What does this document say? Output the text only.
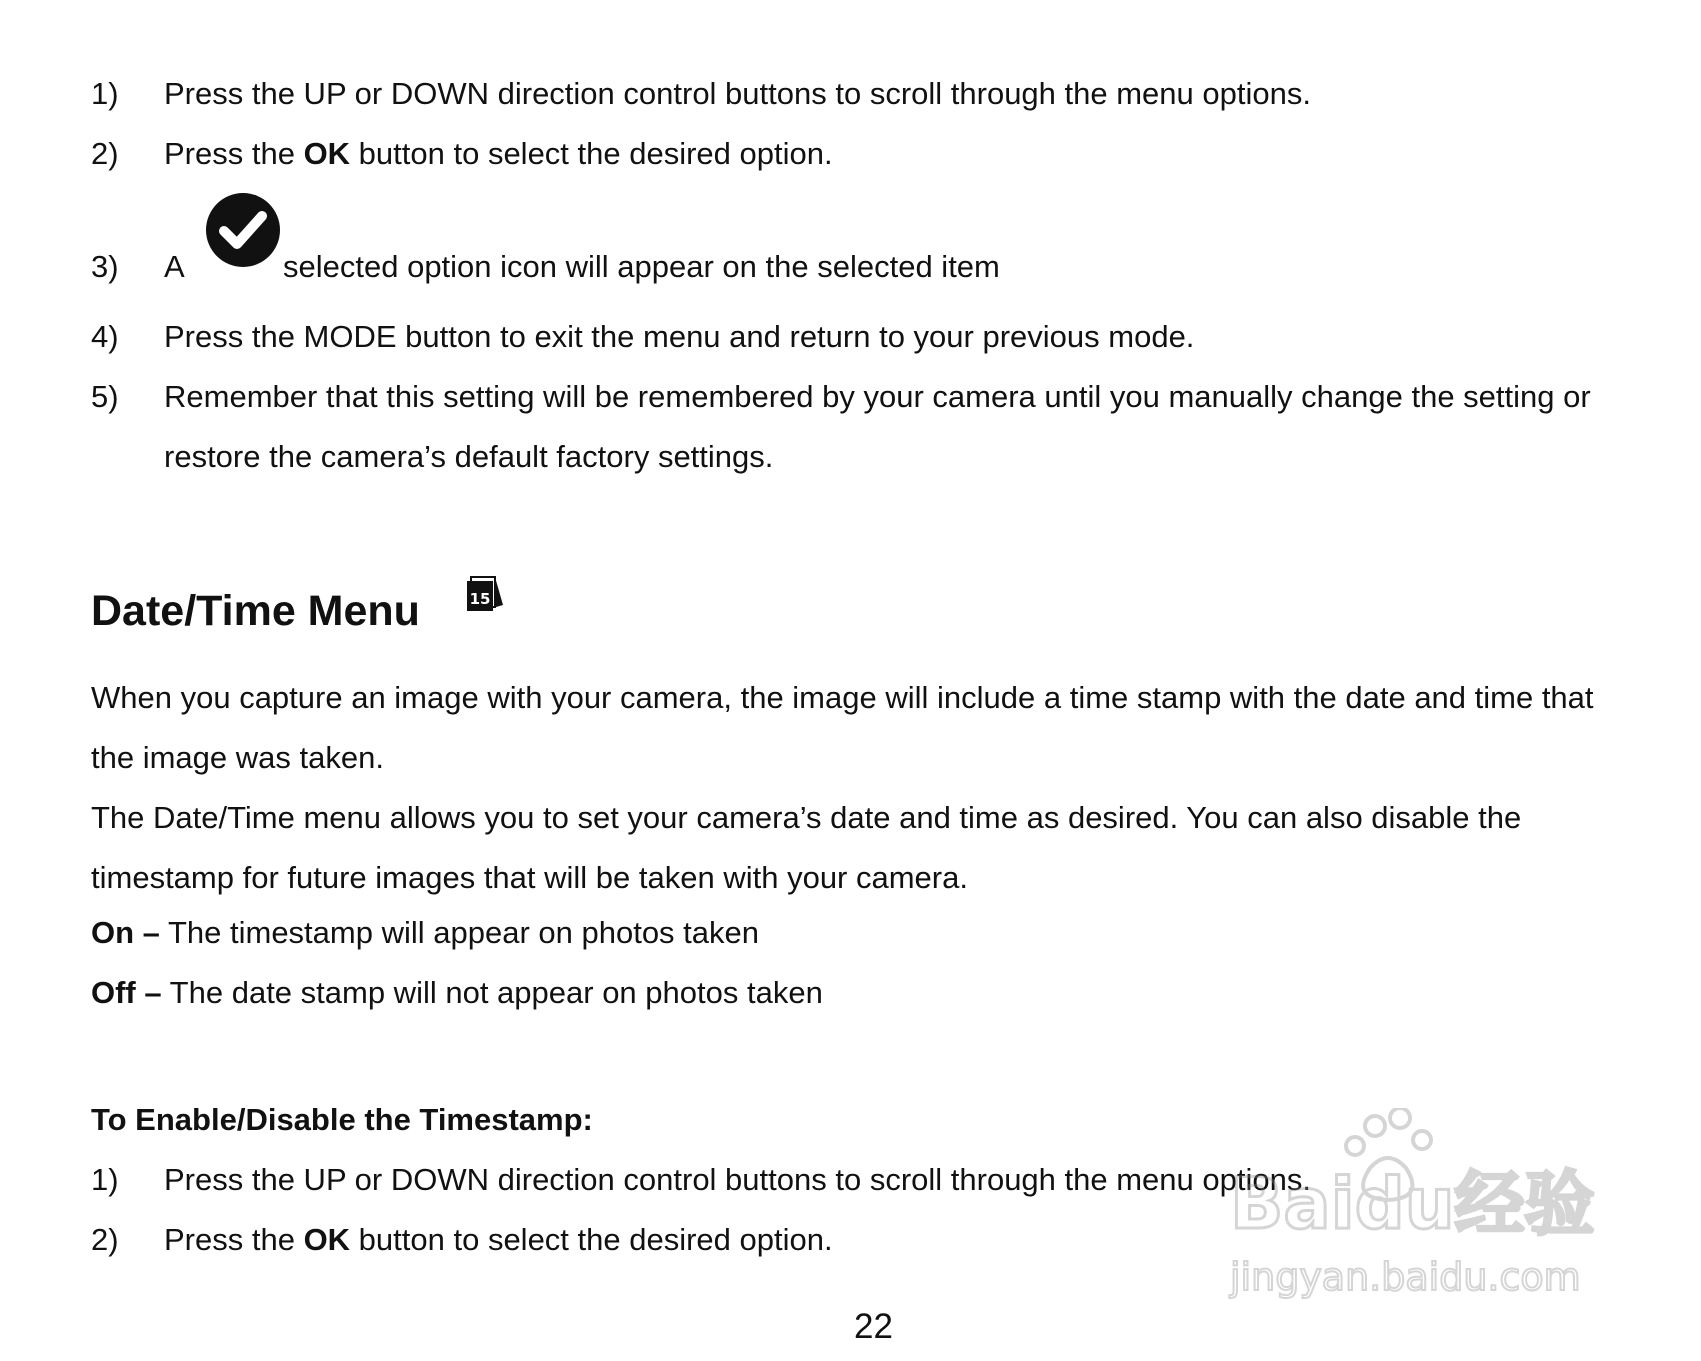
1) Press the UP or DOWN direction control buttons to scroll through the menu options.
2) Press the OK button to select the desired option.
3) A	selected option icon will appear on the selected item
4) Press the MODE button to exit the menu and return to your previous mode.
5) Remember that this setting will be remembered by your camera until you manually change the setting or
restore the camera’s default factory settings.
Date/Time Menu	15
When you capture an image with your camera, the image will include a time stamp with the date and time that
the image was taken.
The Date/Time menu allows you to set your camera’s date and time as desired. You can also disable the
timestamp for future images that will be taken with your camera.
On – The timestamp will appear on photos taken
Off – The date stamp will not appear on photos taken
To Enable/Disable the Timestamp:
1) Press the UP or DOWN direction control buttons to scroll through the menu options.
2) Press the OK button to select the desired option.	Baidu经验
jingyan.baidu.com
22
